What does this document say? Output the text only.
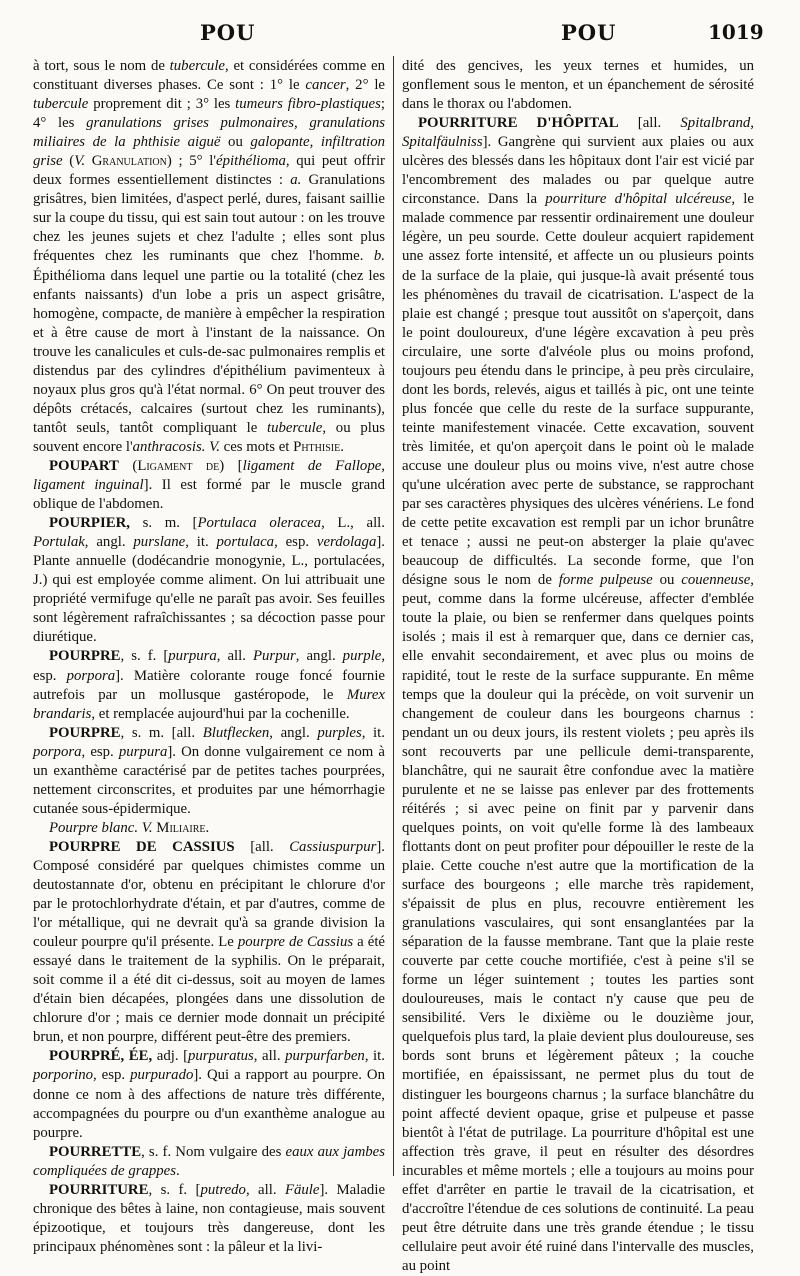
POU	POU	1019

à tort, sous le nom de tubercule, et considérées comme en constituant diverses phases. Ce sont : 1° le cancer, 2° le tubercule proprement dit ; 3° les tumeurs fibro-plastiques; 4° les granulations grises pulmonaires, granulations miliaires de la phthisie aiguë ou galopante, infiltration grise (V. Granulation) ; 5° l'épithélioma, qui peut offrir deux formes essentiellement distinctes : a. Granulations grisâtres, bien limitées, d'aspect perlé, dures, faisant saillie sur la coupe du tissu, qui est sain tout autour : on les trouve chez les jeunes sujets et chez l'adulte ; elles sont plus fréquentes chez les ruminants que chez l'homme. b. Épithélioma dans lequel une partie ou la totalité (chez les enfants naissants) d'un lobe a pris un aspect grisâtre, homogène, compacte, de manière à empêcher la respiration et à être cause de mort à l'instant de la naissance. On trouve les canalicules et culs-de-sac pulmonaires remplis et distendus par des cylindres d'épithélium pavimenteux à noyaux plus gros qu'à l'état normal. 6° On peut trouver des dépôts crétacés, calcaires (surtout chez les ruminants), tantôt seuls, tantôt compliquant le tubercule, ou plus souvent encore l'anthracosis. V. ces mots et Phthisie.

POUPART (Ligament de) [ligament de Fallope, ligament inguinal]. Il est formé par le muscle grand oblique de l'abdomen.

POURPIER, s. m. [Portulaca oleracea, L., all. Portulak, angl. purslane, it. portulaca, esp. verdolaga]. Plante annuelle (dodécandrie monogynie, L., portulacées, J.) qui est employée comme aliment. On lui attribuait une propriété vermifuge qu'elle ne paraît pas avoir. Ses feuilles sont légèrement rafraîchissantes ; sa décoction passe pour diurétique.

POURPRE, s. f. [purpura, all. Purpur, angl. purple, esp. porpora]. Matière colorante rouge foncé fournie autrefois par un mollusque gastéropode, le Murex brandaris, et remplacée aujourd'hui par la cochenille.

POURPRE, s. m. [all. Blutflecken, angl. purples, it. porpora, esp. purpura]. On donne vulgairement ce nom à un exanthème caractérisé par de petites taches pourprées, nettement circonscrites, et produites par une hémorrhagie cutanée sous-épidermique.

Pourpre blanc. V. Miliaire.

POURPRE DE CASSIUS [all. Cassiuspurpur]. Composé considéré par quelques chimistes comme un deutostannate d'or, obtenu en précipitant le chlorure d'or par le protochlorhydrate d'étain, et par d'autres, comme de l'or métallique, qui ne devrait qu'à sa grande division la couleur pourpre qu'il présente. Le pourpre de Cassius a été essayé dans le traitement de la syphilis. On le préparait, soit comme il a été dit ci-dessus, soit au moyen de lames d'étain bien décapées, plongées dans une dissolution de chlorure d'or ; mais ce dernier mode donnait un précipité brun, et non pourpre, différent peut-être des premiers.

POURPRÉ, ÉE, adj. [purpuratus, all. purpurfarben, it. porporino, esp. purpurado]. Qui a rapport au pourpre. On donne ce nom à des affections de nature très différente, accompagnées du pourpre ou d'un exanthème analogue au pourpre.

POURRETTE, s. f. Nom vulgaire des eaux aux jambes compliquées de grappes.

POURRITURE, s. f. [putredo, all. Fäule]. Maladie chronique des bêtes à laine, non contagieuse, mais souvent épizootique, et toujours très dangereuse, dont les principaux phénomènes sont : la pâleur et la livi-

dité des gencives, les yeux ternes et humides, un gonflement sous le menton, et un épanchement de sérosité dans le thorax ou l'abdomen.

POURRITURE D'HÔPITAL [all. Spitalbrand, Spitalfäulniss]. Gangrène qui survient aux plaies ou aux ulcères des blessés dans les hôpitaux dont l'air est vicié par l'encombrement des malades ou par quelque autre circonstance. Dans la pourriture d'hôpital ulcéreuse, le malade commence par ressentir ordinairement une douleur légère, un peu sourde. Cette douleur acquiert rapidement une assez forte intensité, et affecte un ou plusieurs points de la surface de la plaie, qui jusque-là avait présenté tous les phénomènes du travail de cicatrisation. L'aspect de la plaie est changé ; presque tout aussitôt on s'aperçoit, dans le point douloureux, d'une légère excavation à peu près circulaire, une sorte d'alvéole plus ou moins profond, toujours peu étendu dans le principe, à peu près circulaire, dont les bords, relevés, aigus et taillés à pic, ont une teinte plus foncée que celle du reste de la surface suppurante, teinte manifestement vinacée. Cette excavation, souvent très limitée, et qu'on aperçoit dans le point où le malade accuse une douleur plus ou moins vive, n'est autre chose qu'une ulcération avec perte de substance, se rapprochant par ses caractères physiques des ulcères vénériens. Le fond de cette petite excavation est rempli par un ichor brunâtre et tenace ; aussi ne peut-on absterger la plaie qu'avec beaucoup de difficultés. La seconde forme, que l'on désigne sous le nom de forme pulpeuse ou couenneuse, peut, comme dans la forme ulcéreuse, affecter d'emblée toute la plaie, ou bien se renfermer dans quelques points isolés ; mais il est à remarquer que, dans ce dernier cas, elle envahit secondairement, et avec plus ou moins de rapidité, tout le reste de la surface suppurante. En même temps que la douleur qui la précède, on voit survenir un changement de couleur dans les bourgeons charnus : pendant un ou deux jours, ils restent violets ; peu après ils sont recouverts par une pellicule demi-transparente, blanchâtre, qui ne saurait être confondue avec la matière purulente et ne se laisse pas enlever par des frottements réitérés ; si avec peine on finit par y parvenir dans quelques points, on voit qu'elle forme là des lambeaux flottants dont on peut profiter pour dépouiller le reste de la plaie. Cette couche n'est autre que la mortification de la surface des bourgeons ; elle marche très rapidement, s'épaissit de plus en plus, recouvre entièrement les granulations vasculaires, qui sont ensanglantées par la séparation de la fausse membrane. Tant que la plaie reste couverte par cette couche mortifiée, c'est à peine s'il se forme un léger suintement ; toutes les parties sont douloureuses, mais le contact n'y cause que peu de sensibilité. Vers le dixième ou le douzième jour, quelquefois plus tard, la plaie devient plus douloureuse, ses bords sont bruns et légèrement pâteux ; la couche mortifiée, en épaississant, ne permet plus du tout de distinguer les bourgeons charnus ; la surface blanchâtre du point affecté devient opaque, grise et pulpeuse et passe bientôt à l'état de putrilage. La pourriture d'hôpital est une affection très grave, il peut en résulter des désordres incurables et même mortels ; elle a toujours au moins pour effet d'arrêter en partie le travail de la cicatrisation, et d'accroître l'étendue de ces solutions de continuité. La peau peut être détruite dans une très grande étendue ; le tissu cellulaire peut avoir été ruiné dans l'intervalle des muscles, au point
